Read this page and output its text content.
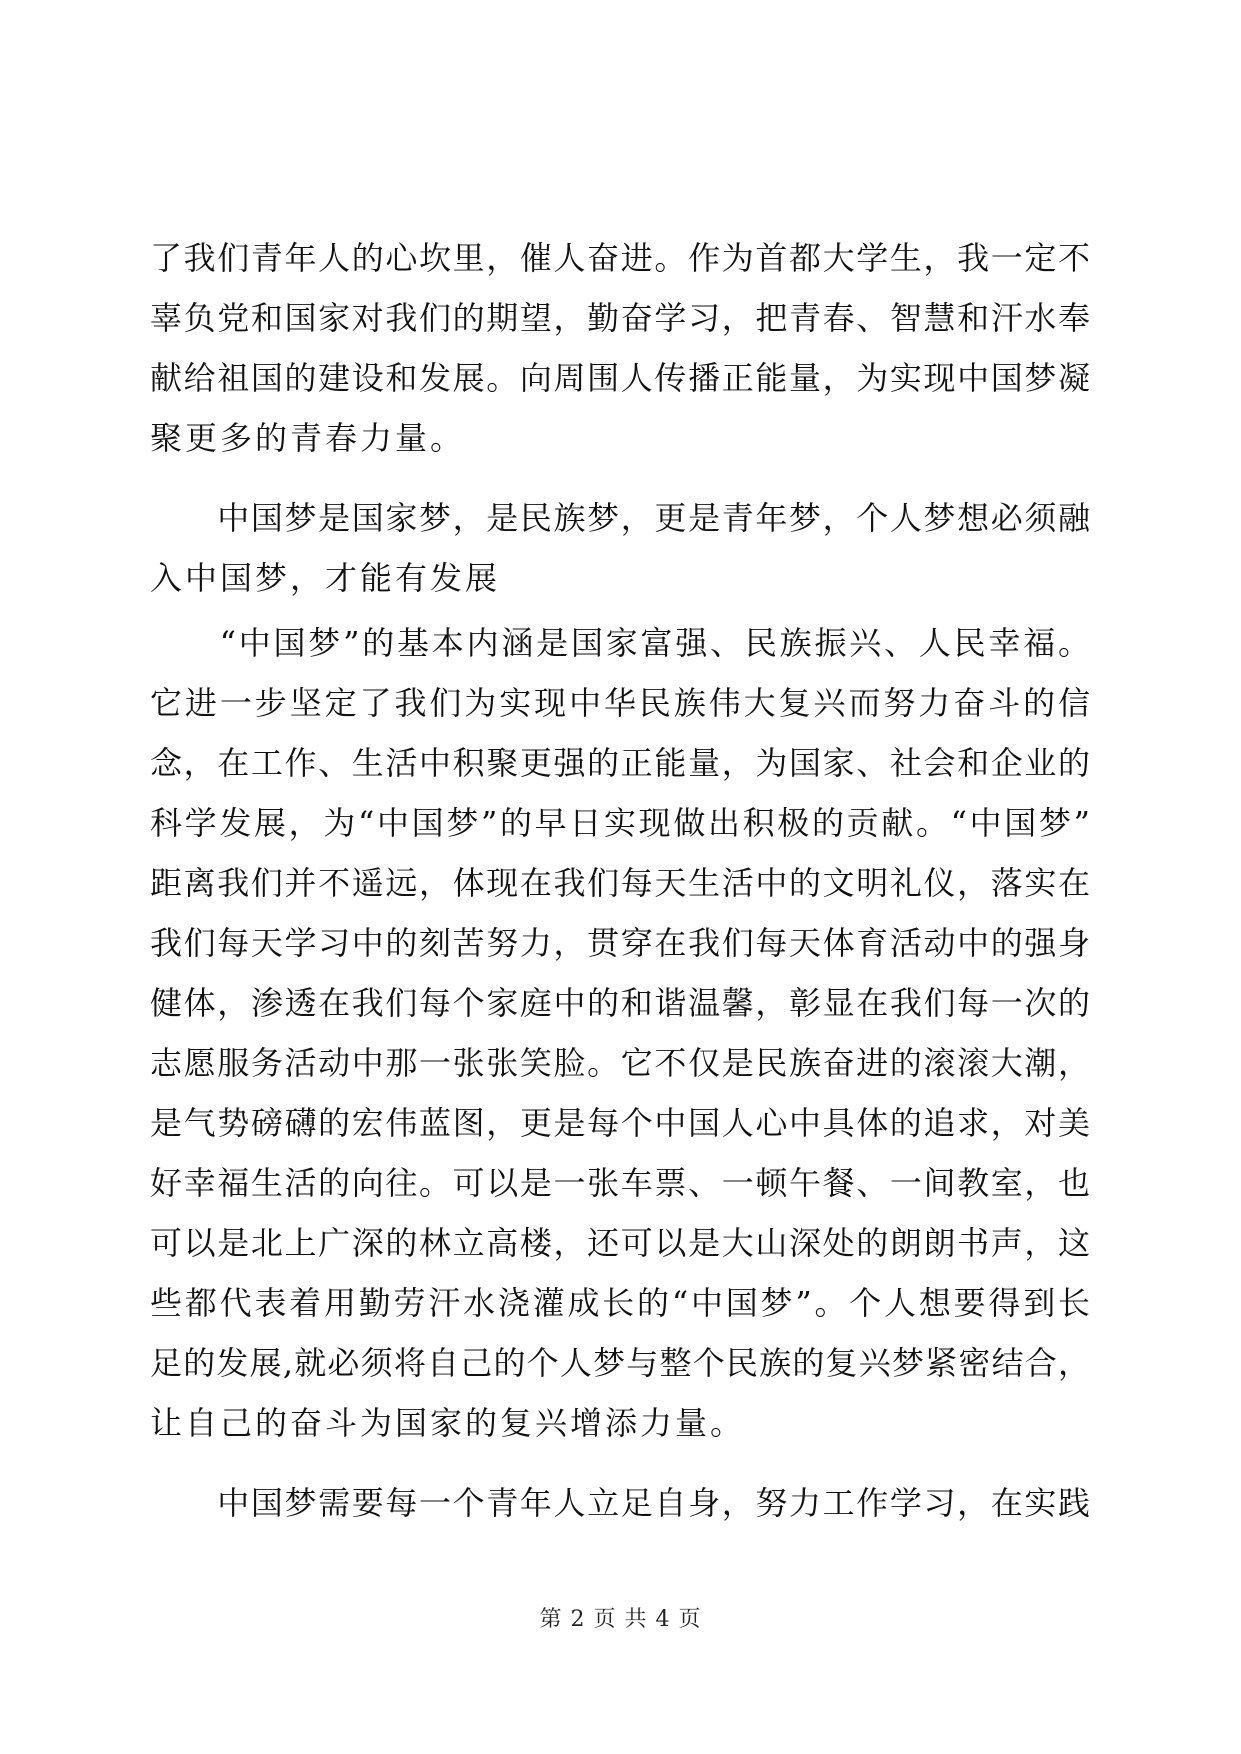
了我们青年人的心坎里，催人奋进。作为首都大学生，我一定不
辜负党和国家对我们的期望，勤奋学习，把青春、智慧和汗水奉
献给祖国的建设和发展。向周围人传播正能量，为实现中国梦凝
聚更多的青春力量。
　　中国梦是国家梦，是民族梦，更是青年梦，个人梦想必须融
入中国梦，才能有发展
　　“中国梦”的基本内涵是国家富强、民族振兴、人民幸福。
它进一步坚定了我们为实现中华民族伟大复兴而努力奋斗的信
念，在工作、生活中积聚更强的正能量，为国家、社会和企业的
科学发展，为“中国梦”的早日实现做出积极的贡献。“中国梦”
距离我们并不遥远，体现在我们每天生活中的文明礼仪，落实在
我们每天学习中的刻苦努力，贯穿在我们每天体育活动中的强身
健体，渗透在我们每个家庭中的和谐温馨，彰显在我们每一次的
志愿服务活动中那一张张笑脸。它不仅是民族奋进的滚滚大潮，
是气势磅礴的宏伟蓝图，更是每个中国人心中具体的追求，对美
好幸福生活的向往。可以是一张车票、一顿午餐、一间教室，也
可以是北上广深的林立高楼，还可以是大山深处的朗朗书声，这
些都代表着用勤劳汗水浇灌成长的“中国梦”。个人想要得到长
足的发展,就必须将自己的个人梦与整个民族的复兴梦紧密结合，
让自己的奋斗为国家的复兴增添力量。
　　中国梦需要每一个青年人立足自身，努力工作学习，在实践
第 2 页 共 4 页
